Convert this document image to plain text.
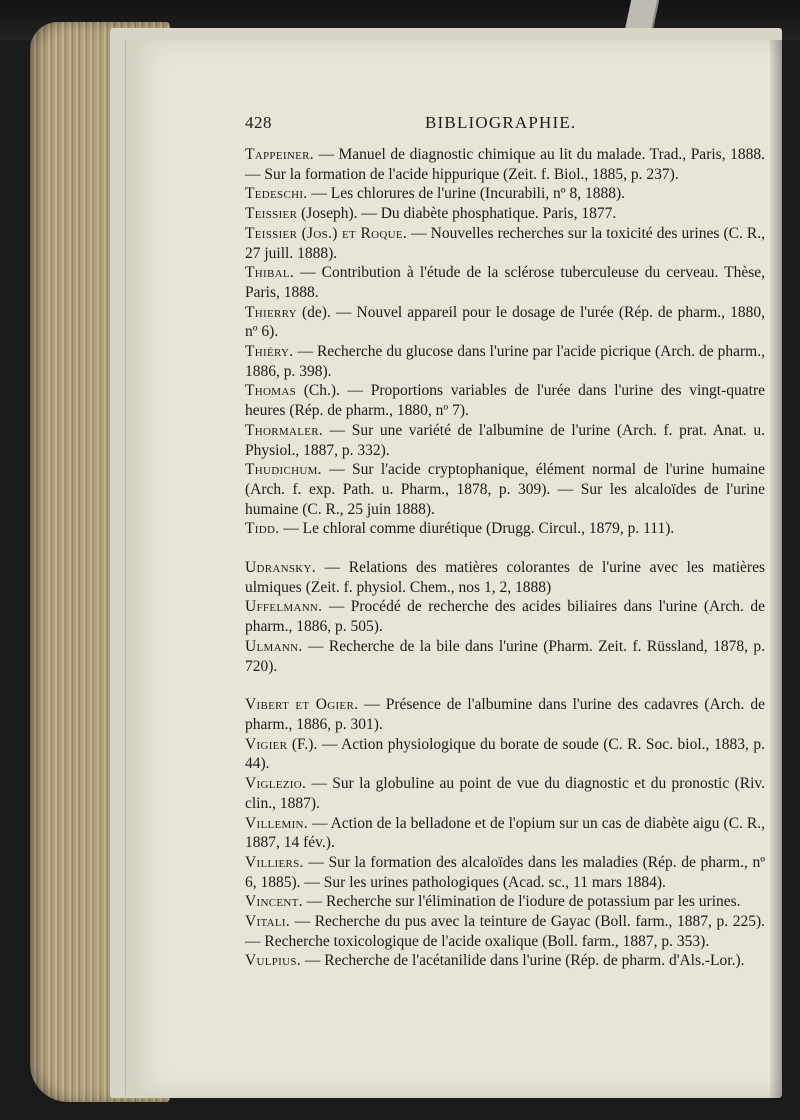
428	BIBLIOGRAPHIE.

Tappeiner. — Manuel de diagnostic chimique au lit du malade. Trad., Paris, 1888. — Sur la formation de l'acide hippurique (Zeit. f. Biol., 1885, p. 237).

Tedeschi. — Les chlorures de l'urine (Incurabili, nº 8, 1888).

Teissier (Joseph). — Du diabète phosphatique. Paris, 1877.

Teissier (Jos.) et Roque. — Nouvelles recherches sur la toxicité des urines (C. R., 27 juill. 1888).

Thibal. — Contribution à l'étude de la sclérose tuberculeuse du cerveau. Thèse, Paris, 1888.

Thierry (de). — Nouvel appareil pour le dosage de l'urée (Rép. de pharm., 1880, nº 6).

Thiéry. — Recherche du glucose dans l'urine par l'acide picrique (Arch. de pharm., 1886, p. 398).

Thomas (Ch.). — Proportions variables de l'urée dans l'urine des vingt-quatre heures (Rép. de pharm., 1880, nº 7).

Thormaler. — Sur une variété de l'albumine de l'urine (Arch. f. prat. Anat. u. Physiol., 1887, p. 332).

Thudichum. — Sur l'acide cryptophanique, élément normal de l'urine humaine (Arch. f. exp. Path. u. Pharm., 1878, p. 309). — Sur les alcaloïdes de l'urine humaine (C. R., 25 juin 1888).

Tidd. — Le chloral comme diurétique (Drugg. Circul., 1879, p. 111).

Udransky. — Relations des matières colorantes de l'urine avec les matières ulmiques (Zeit. f. physiol. Chem., nos 1, 2, 1888)

Uffelmann. — Procédé de recherche des acides biliaires dans l'urine (Arch. de pharm., 1886, p. 505).

Ulmann. — Recherche de la bile dans l'urine (Pharm. Zeit. f. Rüssland, 1878, p. 720).

Vibert et Ogier. — Présence de l'albumine dans l'urine des cadavres (Arch. de pharm., 1886, p. 301).

Vigier (F.). — Action physiologique du borate de soude (C. R. Soc. biol., 1883, p. 44).

Viglezio. — Sur la globuline au point de vue du diagnostic et du pronostic (Riv. clin., 1887).

Villemin. — Action de la belladone et de l'opium sur un cas de diabète aigu (C. R., 1887, 14 fév.).

Villiers. — Sur la formation des alcaloïdes dans les maladies (Rép. de pharm., nº 6, 1885). — Sur les urines pathologiques (Acad. sc., 11 mars 1884).

Vincent. — Recherche sur l'élimination de l'iodure de potassium par les urines.

Vitali. — Recherche du pus avec la teinture de Gayac (Boll. farm., 1887, p. 225). — Recherche toxicologique de l'acide oxalique (Boll. farm., 1887, p. 353).

Vulpius. — Recherche de l'acétanilide dans l'urine (Rép. de pharm. d'Als.-Lor.).
